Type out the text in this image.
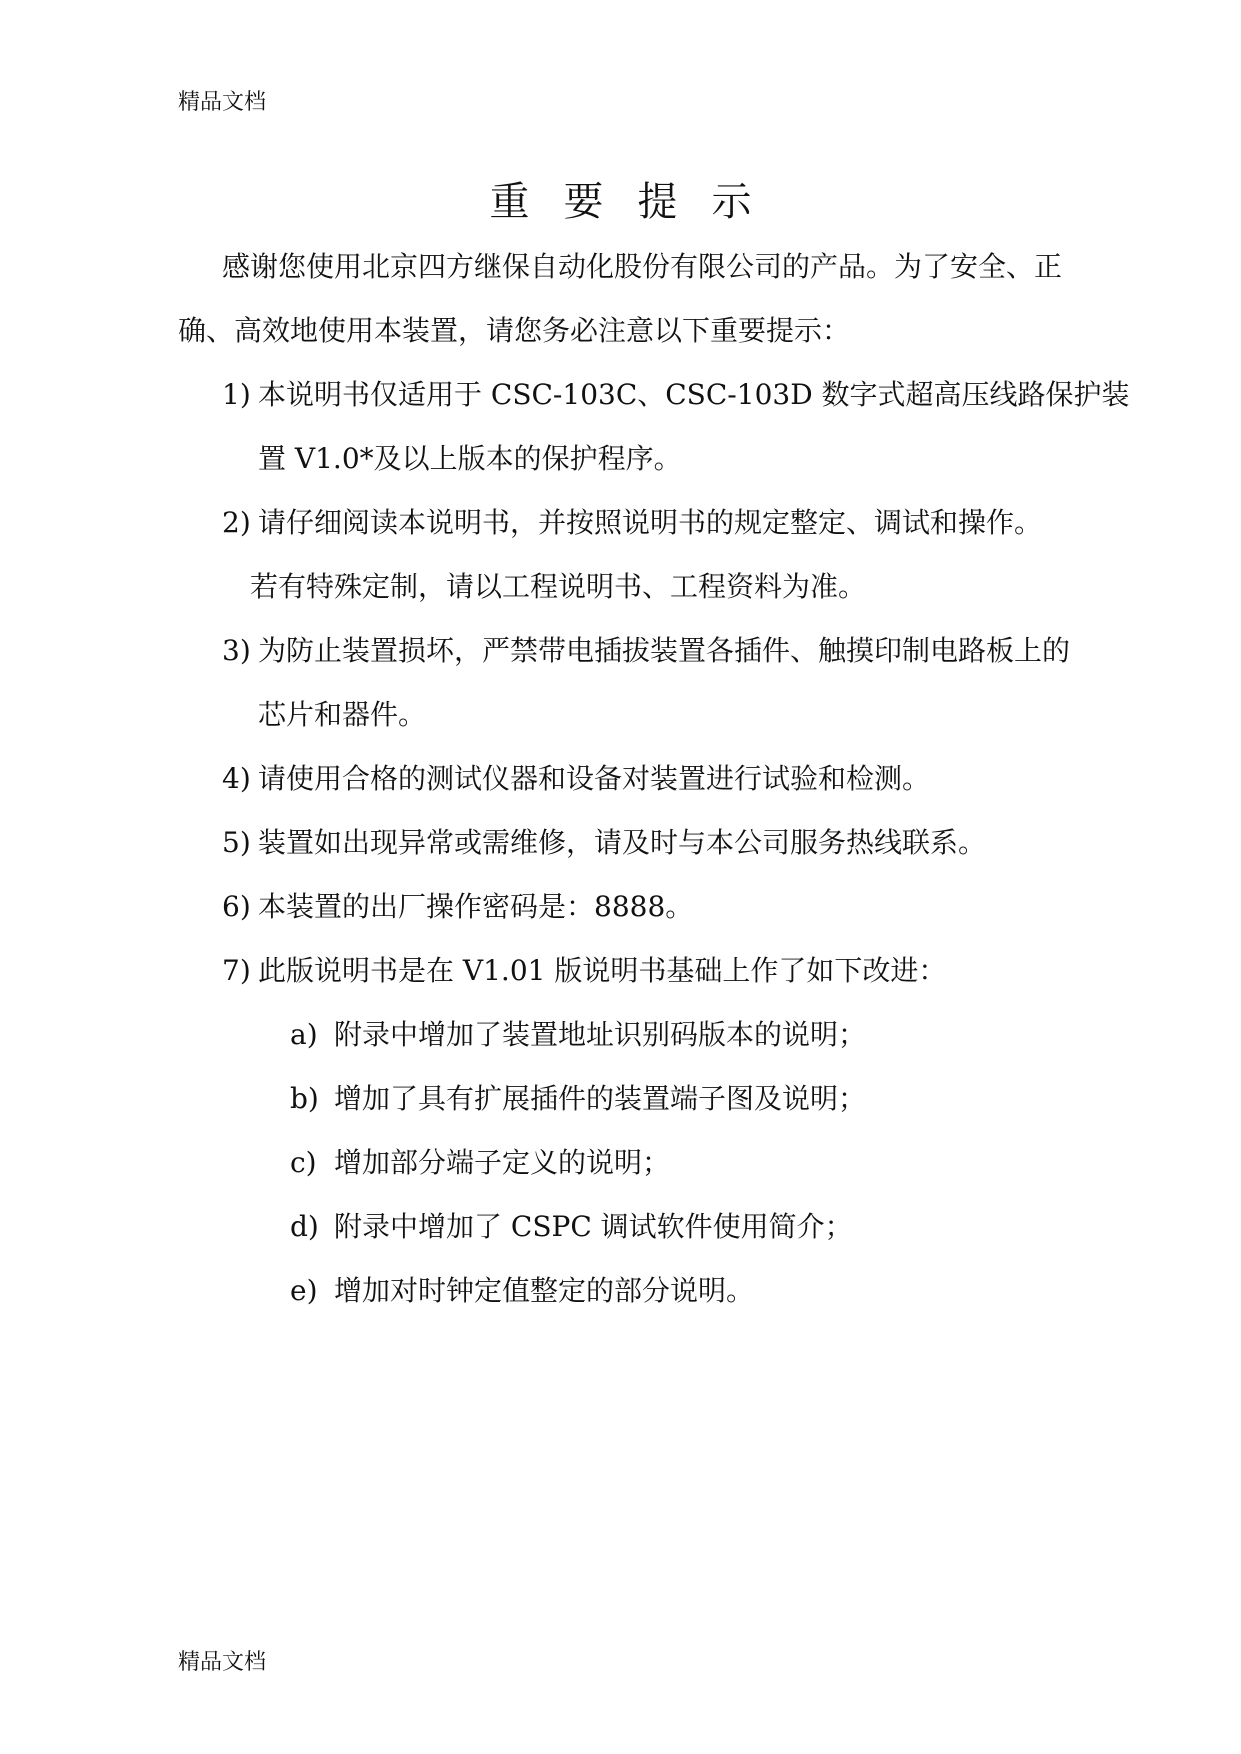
精品文档
重要提示
感谢您使用北京四方继保自动化股份有限公司的产品。为了安全、正
确、高效地使用本装置，请您务必注意以下重要提示：
1) 本说明书仅适用于 CSC-103C、CSC-103D 数字式超高压线路保护装
置 V1.0*及以上版本的保护程序。
2) 请仔细阅读本说明书，并按照说明书的规定整定、调试和操作。
若有特殊定制，请以工程说明书、工程资料为准。
3) 为防止装置损坏，严禁带电插拔装置各插件、触摸印制电路板上的
芯片和器件。
4) 请使用合格的测试仪器和设备对装置进行试验和检测。
5) 装置如出现异常或需维修，请及时与本公司服务热线联系。
6) 本装置的出厂操作密码是：8888。
7) 此版说明书是在 V1.01 版说明书基础上作了如下改进：
a) 附录中增加了装置地址识别码版本的说明；
b) 增加了具有扩展插件的装置端子图及说明；
c) 增加部分端子定义的说明；
d) 附录中增加了 CSPC 调试软件使用简介；
e) 增加对时钟定值整定的部分说明。
精品文档
